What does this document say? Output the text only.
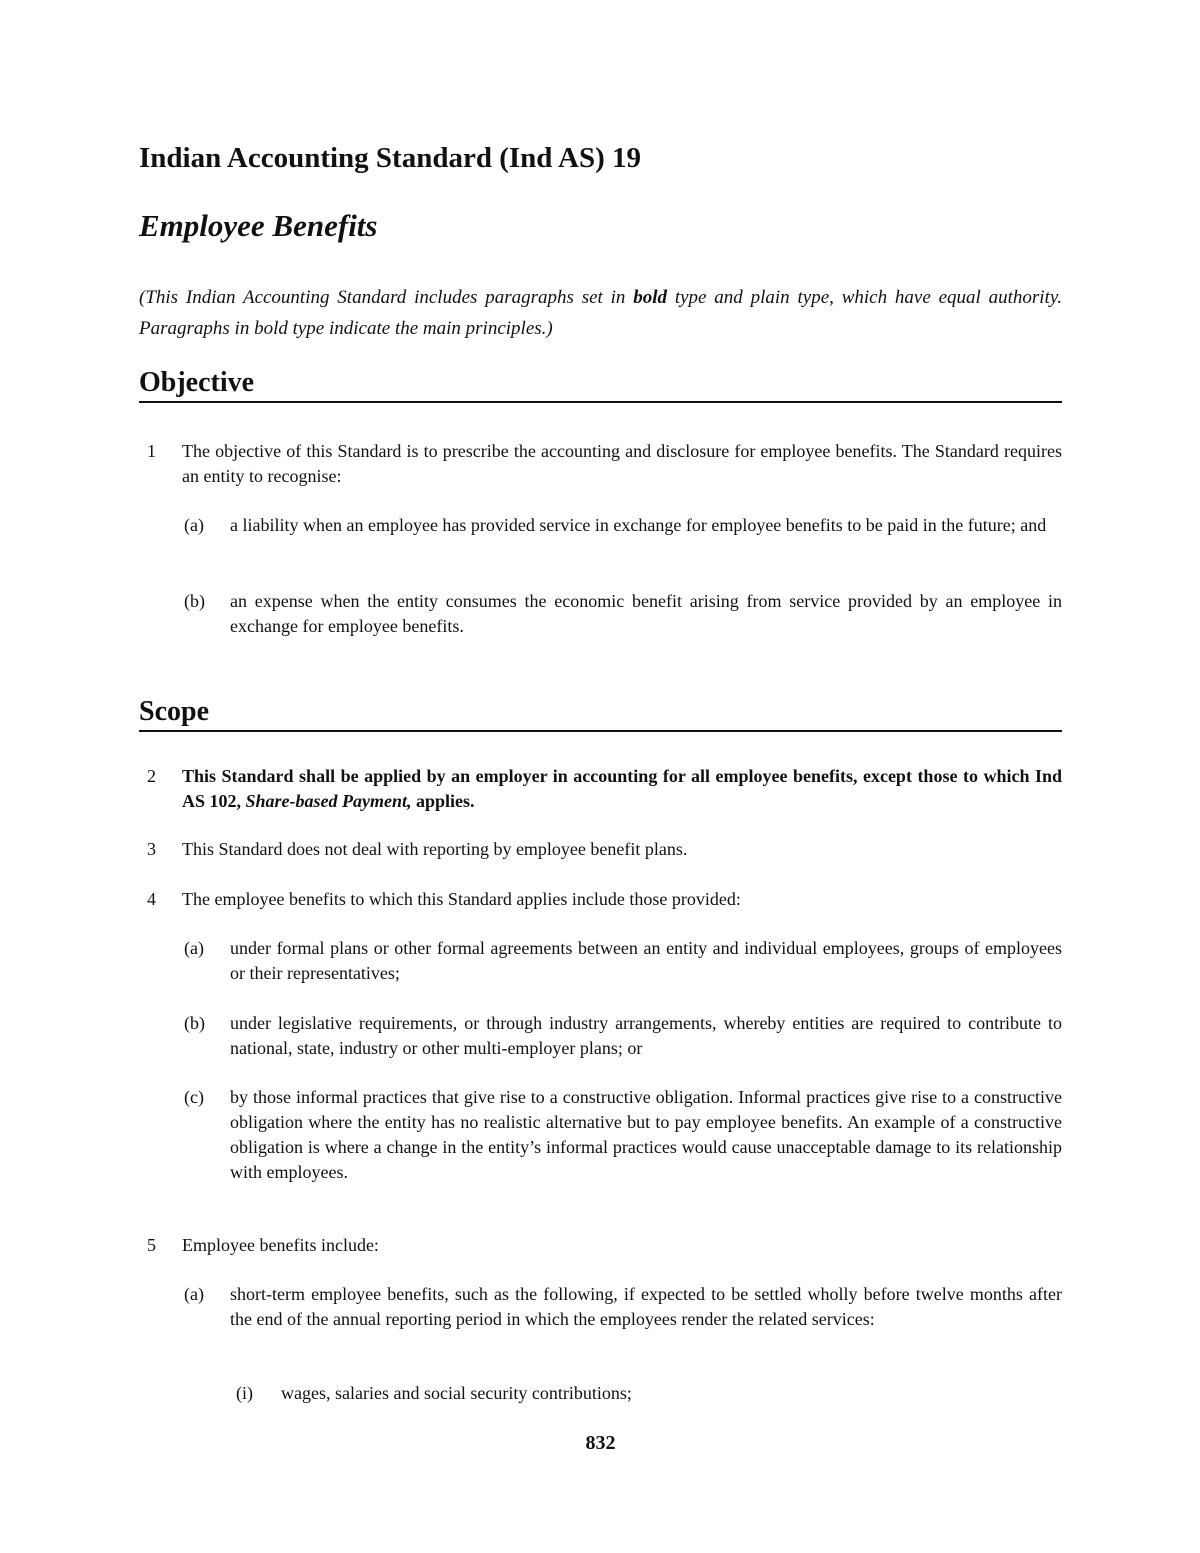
Indian Accounting Standard (Ind AS) 19
Employee Benefits

(This Indian Accounting Standard includes paragraphs set in bold type and plain type, which have equal authority. Paragraphs in bold type indicate the main principles.)

Objective
1 The objective of this Standard is to prescribe the accounting and disclosure for employee benefits. The Standard requires an entity to recognise:
(a) a liability when an employee has provided service in exchange for employee benefits to be paid in the future; and
(b) an expense when the entity consumes the economic benefit arising from service provided by an employee in exchange for employee benefits.
Scope
2 This Standard shall be applied by an employer in accounting for all employee benefits, except those to which Ind AS 102, Share-based Payment, applies.
3 This Standard does not deal with reporting by employee benefit plans.
4 The employee benefits to which this Standard applies include those provided:
(a) under formal plans or other formal agreements between an entity and individual employees, groups of employees or their representatives;
(b) under legislative requirements, or through industry arrangements, whereby entities are required to contribute to national, state, industry or other multi-employer plans; or
(c) by those informal practices that give rise to a constructive obligation. Informal practices give rise to a constructive obligation where the entity has no realistic alternative but to pay employee benefits. An example of a constructive obligation is where a change in the entity’s informal practices would cause unacceptable damage to its relationship with employees.
5 Employee benefits include:
(a) short-term employee benefits, such as the following, if expected to be settled wholly before twelve months after the end of the annual reporting period in which the employees render the related services:
(i) wages, salaries and social security contributions;
832
